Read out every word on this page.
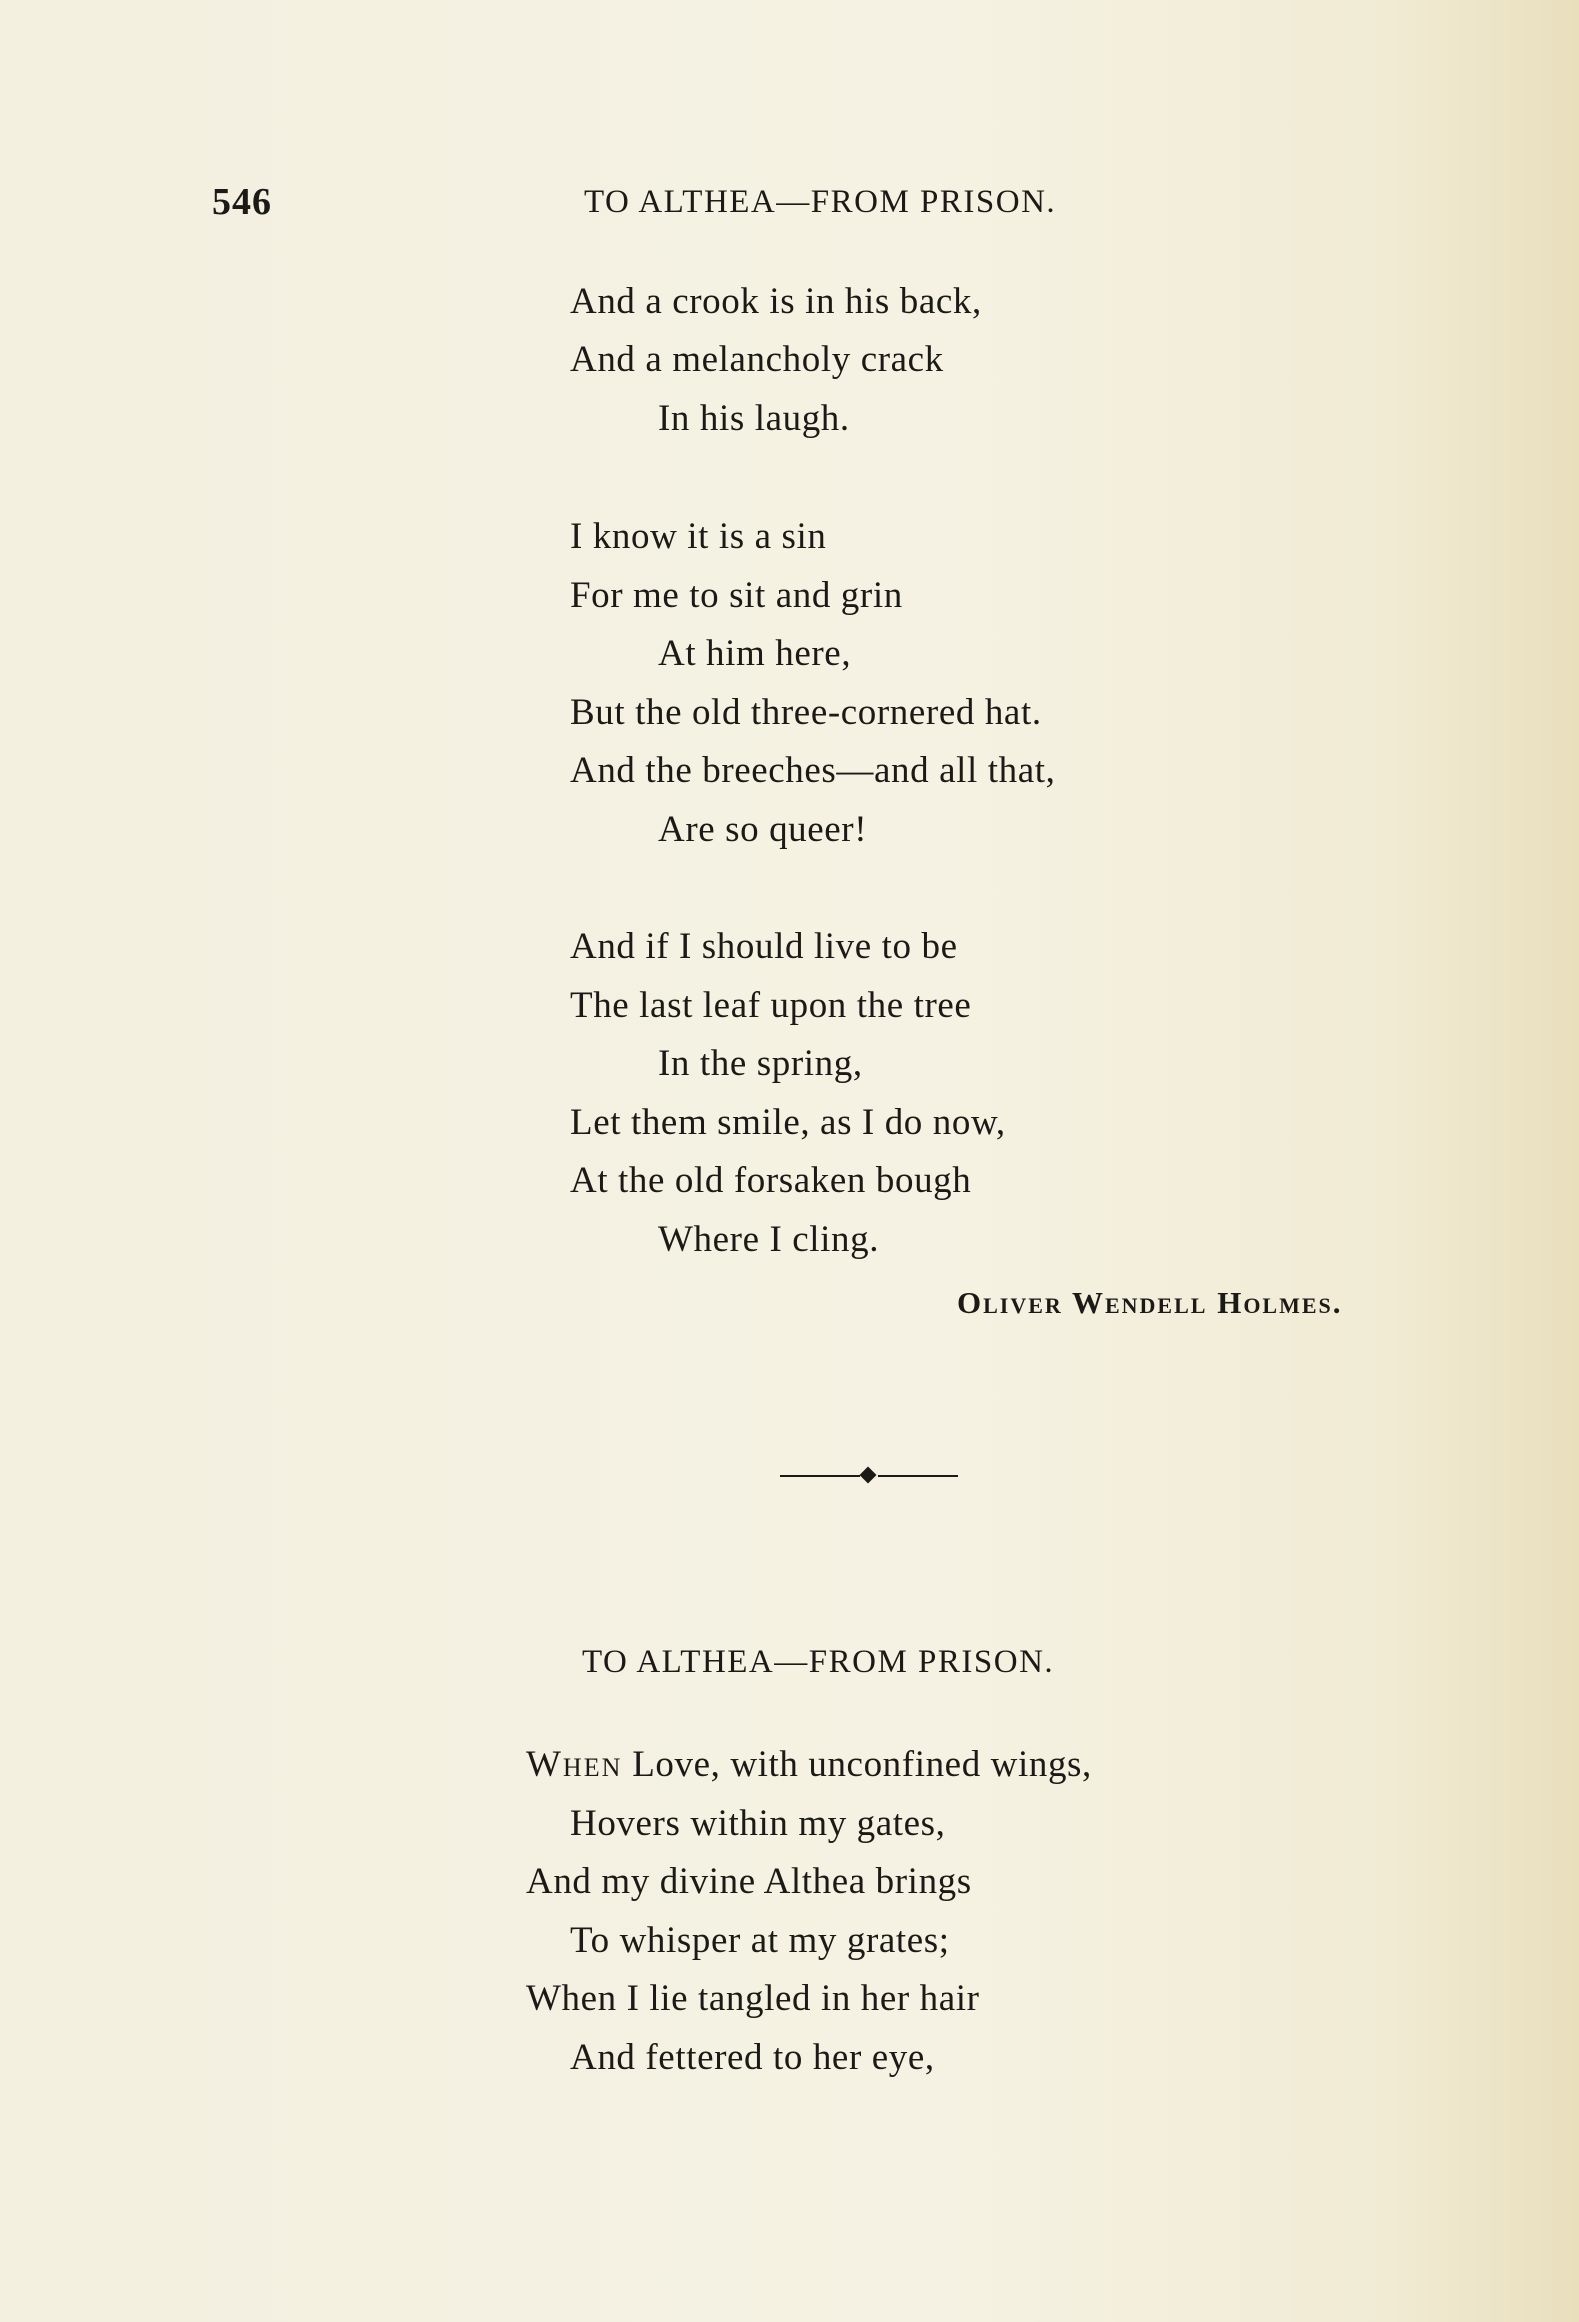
546	TO ALTHEA—FROM PRISON.
And a crook is in his back,
And a melancholy crack
In his laugh.
I know it is a sin
For me to sit and grin
At him here,
But the old three-cornered hat.
And the breeches—and all that,
Are so queer!
And if I should live to be
The last leaf upon the tree
In the spring,
Let them smile, as I do now,
At the old forsaken bough
Where I cling.
Oliver Wendell Holmes.
TO ALTHEA—FROM PRISON.
When Love, with unconfined wings,
Hovers within my gates,
And my divine Althea brings
To whisper at my grates;
When I lie tangled in her hair
And fettered to her eye,
